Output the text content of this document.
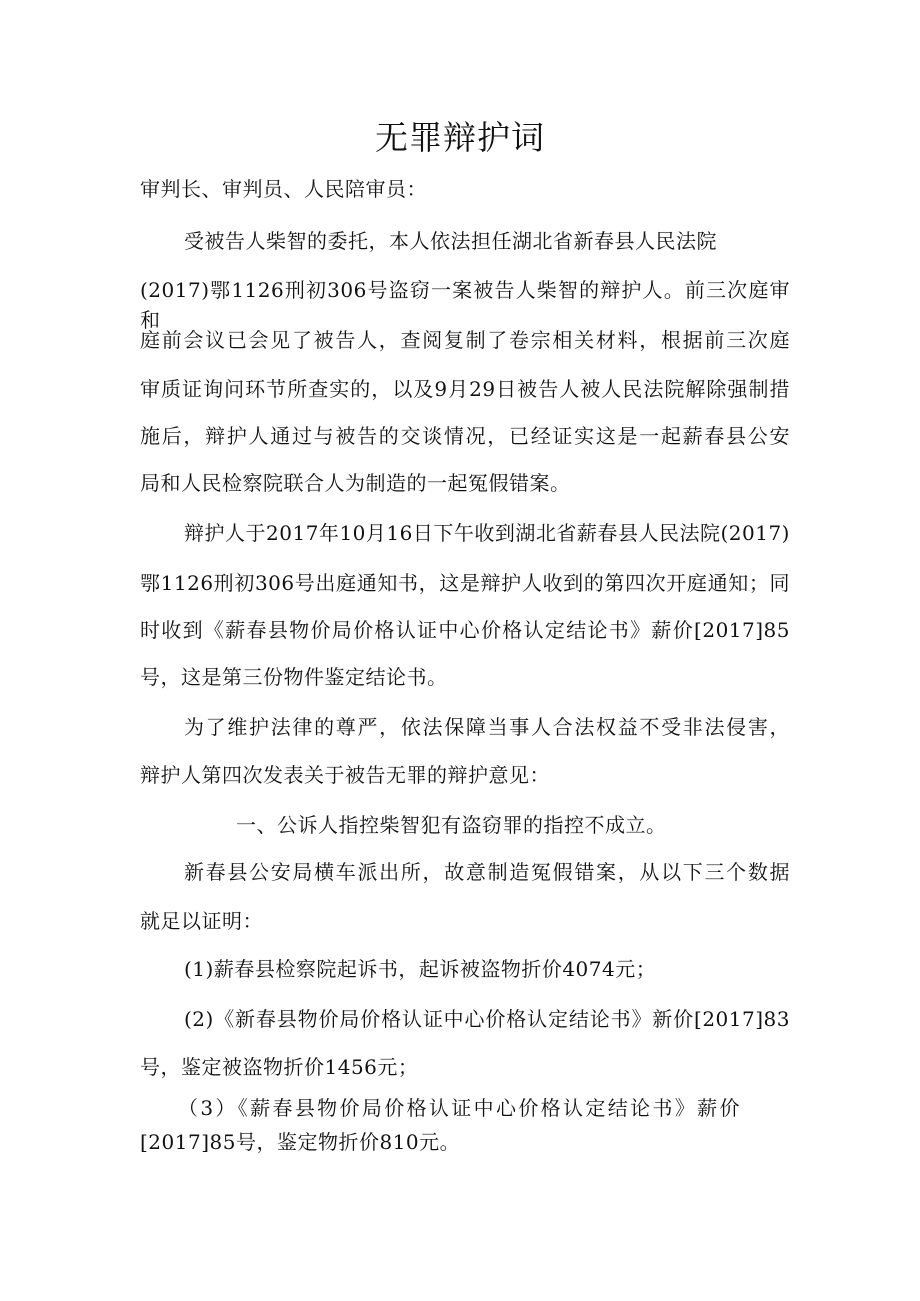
无罪辩护词
审判长、审判员、人民陪审员：
受被告人柴智的委托，本人依法担任湖北省新春县人民法院
(2017)鄂1126刑初306号盗窃一案被告人柴智的辩护人。前三次庭审和
庭前会议已会见了被告人，查阅复制了卷宗相关材料，根据前三次庭
审质证询问环节所查实的，以及9月29日被告人被人民法院解除强制措
施后，辩护人通过与被告的交谈情况，已经证实这是一起薪春县公安
局和人民检察院联合人为制造的一起冤假错案。
辩护人于2017年10月16日下午收到湖北省薪春县人民法院(2017)
鄂1126刑初306号出庭通知书，这是辩护人收到的第四次开庭通知；同
时收到《薪春县物价局价格认证中心价格认定结论书》薪价[2017]85
号，这是第三份物件鉴定结论书。
为了维护法律的尊严，依法保障当事人合法权益不受非法侵害，
辩护人第四次发表关于被告无罪的辩护意见：
一、公诉人指控柴智犯有盗窃罪的指控不成立。
新春县公安局横车派出所，故意制造冤假错案，从以下三个数据
就足以证明：
(1)薪春县检察院起诉书，起诉被盗物折价4074元；
(2)《新春县物价局价格认证中心价格认定结论书》新价[2017]83
号，鉴定被盗物折价1456元；
（3）《薪春县物价局价格认证中心价格认定结论书》薪价
[2017]85号，鉴定物折价810元。
